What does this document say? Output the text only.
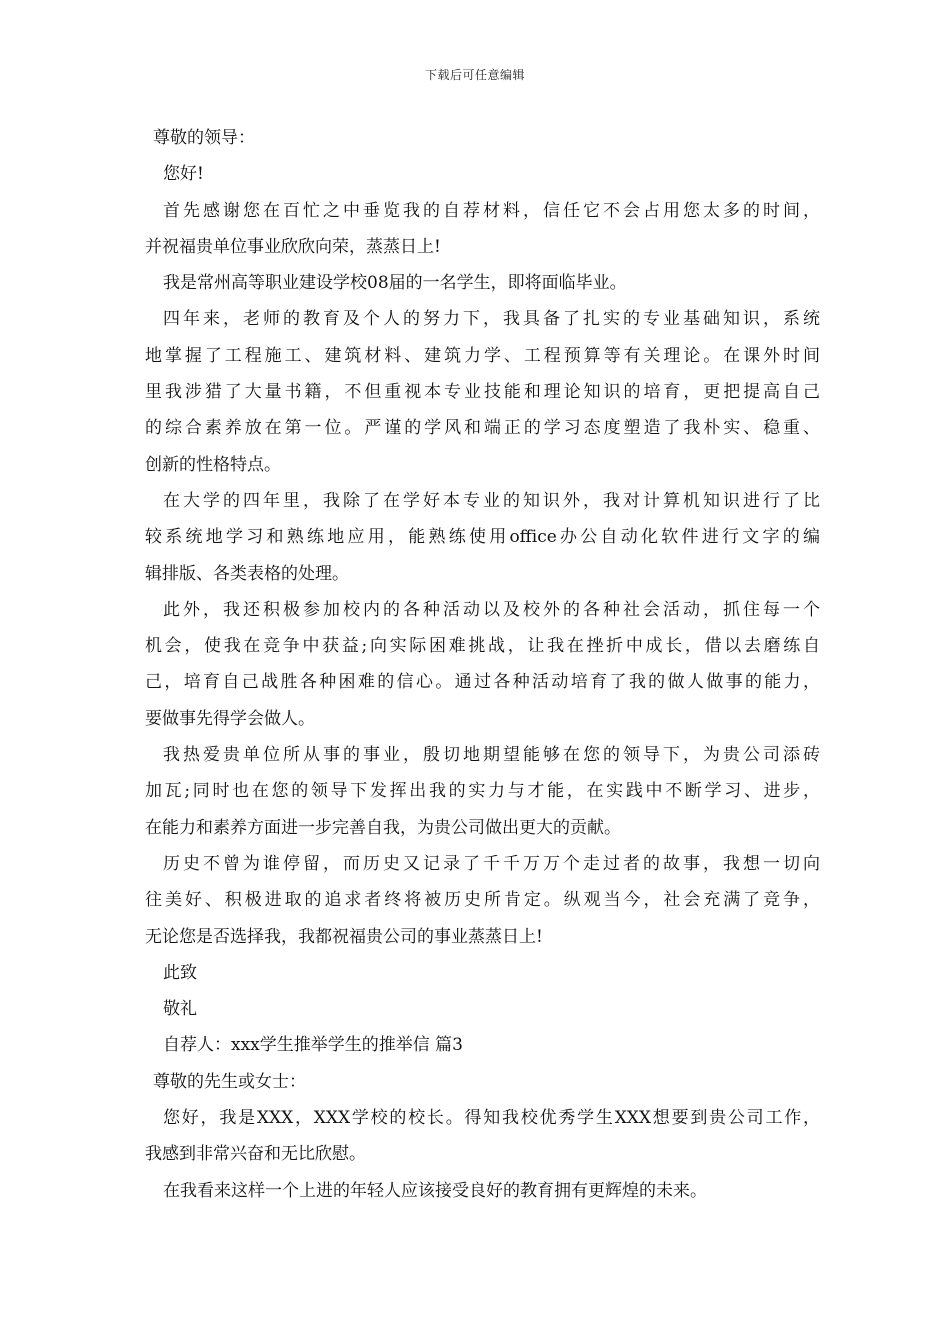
下载后可任意编辑
尊敬的领导：
您好!
首先感谢您在百忙之中垂览我的自荐材料，信任它不会占用您太多的时间，
并祝福贵单位事业欣欣向荣，蒸蒸日上!
我是常州高等职业建设学校08届的一名学生，即将面临毕业。
四年来，老师的教育及个人的努力下，我具备了扎实的专业基础知识，系统
地掌握了工程施工、建筑材料、建筑力学、工程预算等有关理论。在课外时间
里我涉猎了大量书籍，不但重视本专业技能和理论知识的培育，更把提高自己
的综合素养放在第一位。严谨的学风和端正的学习态度塑造了我朴实、稳重、
创新的性格特点。
在大学的四年里，我除了在学好本专业的知识外，我对计算机知识进行了比
较系统地学习和熟练地应用，能熟练使用office办公自动化软件进行文字的编
辑排版、各类表格的处理。
此外，我还积极参加校内的各种活动以及校外的各种社会活动，抓住每一个
机会，使我在竞争中获益;向实际困难挑战，让我在挫折中成长，借以去磨练自
己，培育自己战胜各种困难的信心。通过各种活动培育了我的做人做事的能力，
要做事先得学会做人。
我热爱贵单位所从事的事业，殷切地期望能够在您的领导下，为贵公司添砖
加瓦;同时也在您的领导下发挥出我的实力与才能，在实践中不断学习、进步，
在能力和素养方面进一步完善自我，为贵公司做出更大的贡献。
历史不曾为谁停留，而历史又记录了千千万万个走过者的故事，我想一切向
往美好、积极进取的追求者终将被历史所肯定。纵观当今，社会充满了竞争，
无论您是否选择我，我都祝福贵公司的事业蒸蒸日上!
此致
敬礼
自荐人：xxx学生推举学生的推举信 篇3
尊敬的先生或女士：
您好，我是XXX，XXX学校的校长。得知我校优秀学生XXX想要到贵公司工作，
我感到非常兴奋和无比欣慰。
在我看来这样一个上进的年轻人应该接受良好的教育拥有更辉煌的未来。
